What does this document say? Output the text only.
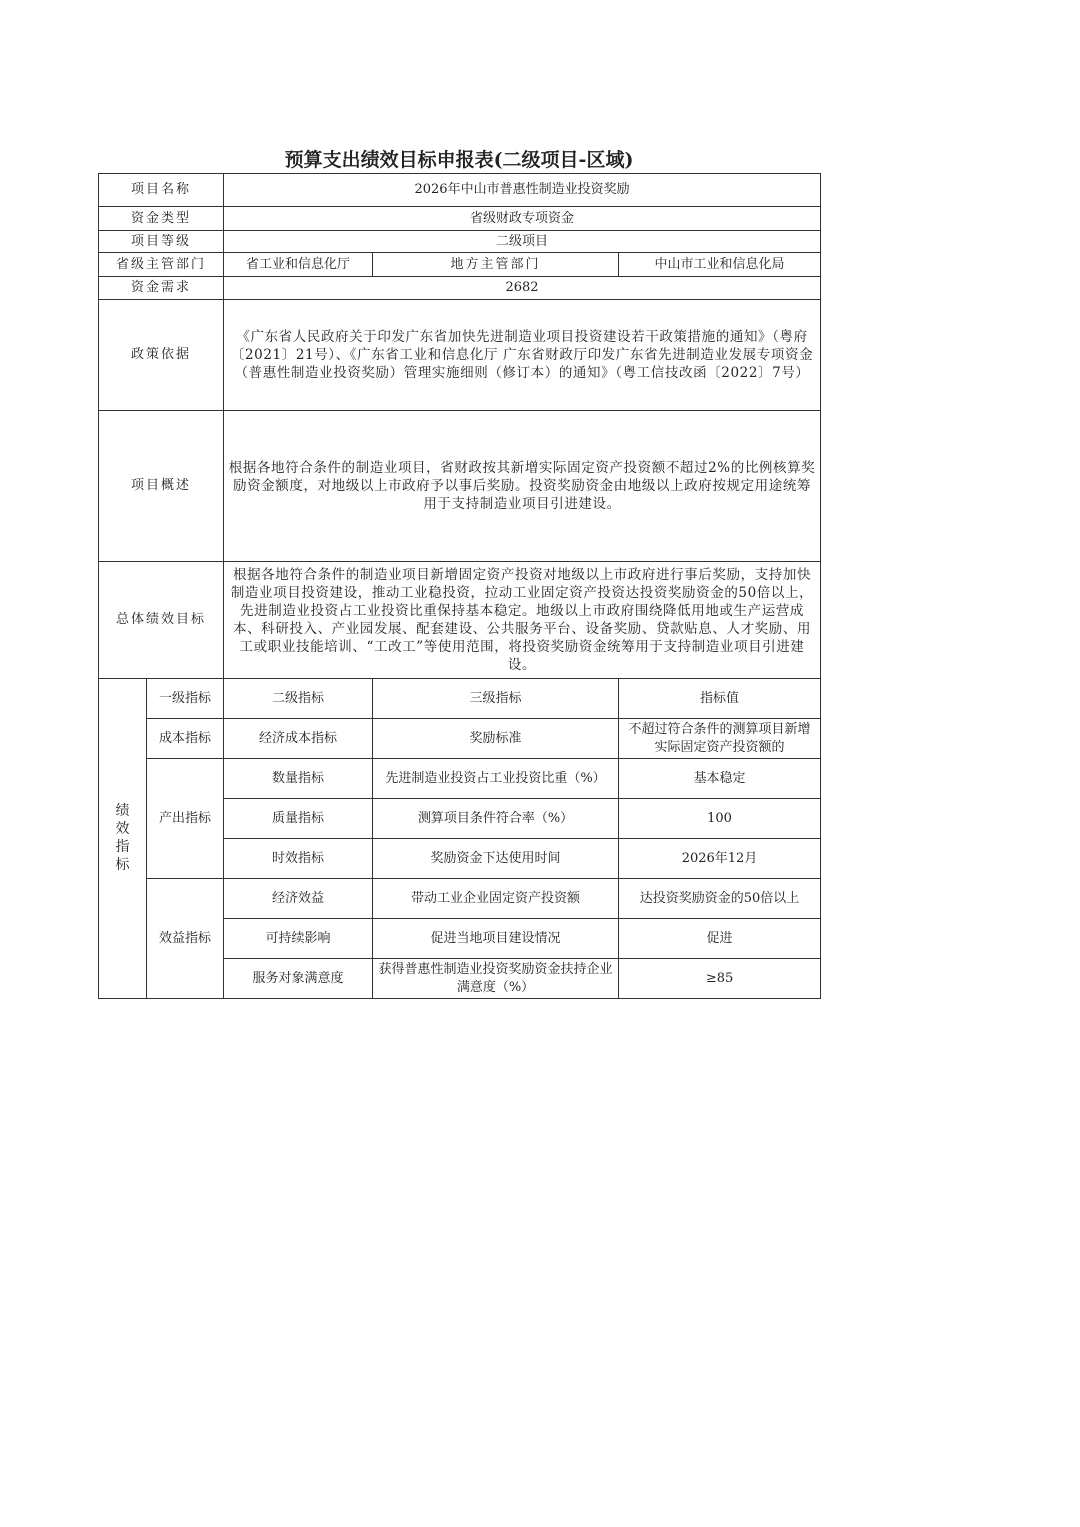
预算支出绩效目标申报表(二级项目-区域)
项目名称		2026年中山市普惠性制造业投资奖励		
资金类型		省级财政专项资金		
项目等级		二级项目		
省级主管部门		省工业和信息化厅	地方主管部门	中山市工业和信息化局
资金需求		2682		
政策依据		《广东省人民政府关于印发广东省加快先进制造业项目投资建设若干政策措施的通知》（粤府〔2021〕21号）、《广东省工业和信息化厅 广东省财政厅印发广东省先进制造业发展专项资金（普惠性制造业投资奖励）管理实施细则（修订本）的通知》（粤工信技改函〔2022〕7号）		
项目概述		根据各地符合条件的制造业项目，省财政按其新增实际固定资产投资额不超过2%的比例核算奖励资金额度，对地级以上市政府予以事后奖励。投资奖励资金由地级以上政府按规定用途统筹用于支持制造业项目引进建设。		
总体绩效目标		根据各地符合条件的制造业项目新增固定资产投资对地级以上市政府进行事后奖励，支持加快制造业项目投资建设，推动工业稳投资，拉动工业固定资产投资达投资奖励资金的50倍以上，先进制造业投资占工业投资比重保持基本稳定。地级以上市政府围绕降低用地或生产运营成本、科研投入、产业园发展、配套建设、公共服务平台、设备奖励、贷款贴息、人才奖励、用工或职业技能培训、“工改工”等使用范围，将投资奖励资金统筹用于支持制造业项目引进建设。		
绩效指标	一级指标	二级指标	三级指标	指标值
	成本指标	经济成本指标	奖励标准	不超过符合条件的测算项目新增实际固定资产投资额的
	产出指标	数量指标	先进制造业投资占工业投资比重（%）	基本稳定
		质量指标	测算项目条件符合率（%）	100
		时效指标	奖励资金下达使用时间	2026年12月
	效益指标	经济效益	带动工业企业固定资产投资额	达投资奖励资金的50倍以上
		可持续影响	促进当地项目建设情况	促进
		服务对象满意度	获得普惠性制造业投资奖励资金扶持企业满意度（%）	≥85
